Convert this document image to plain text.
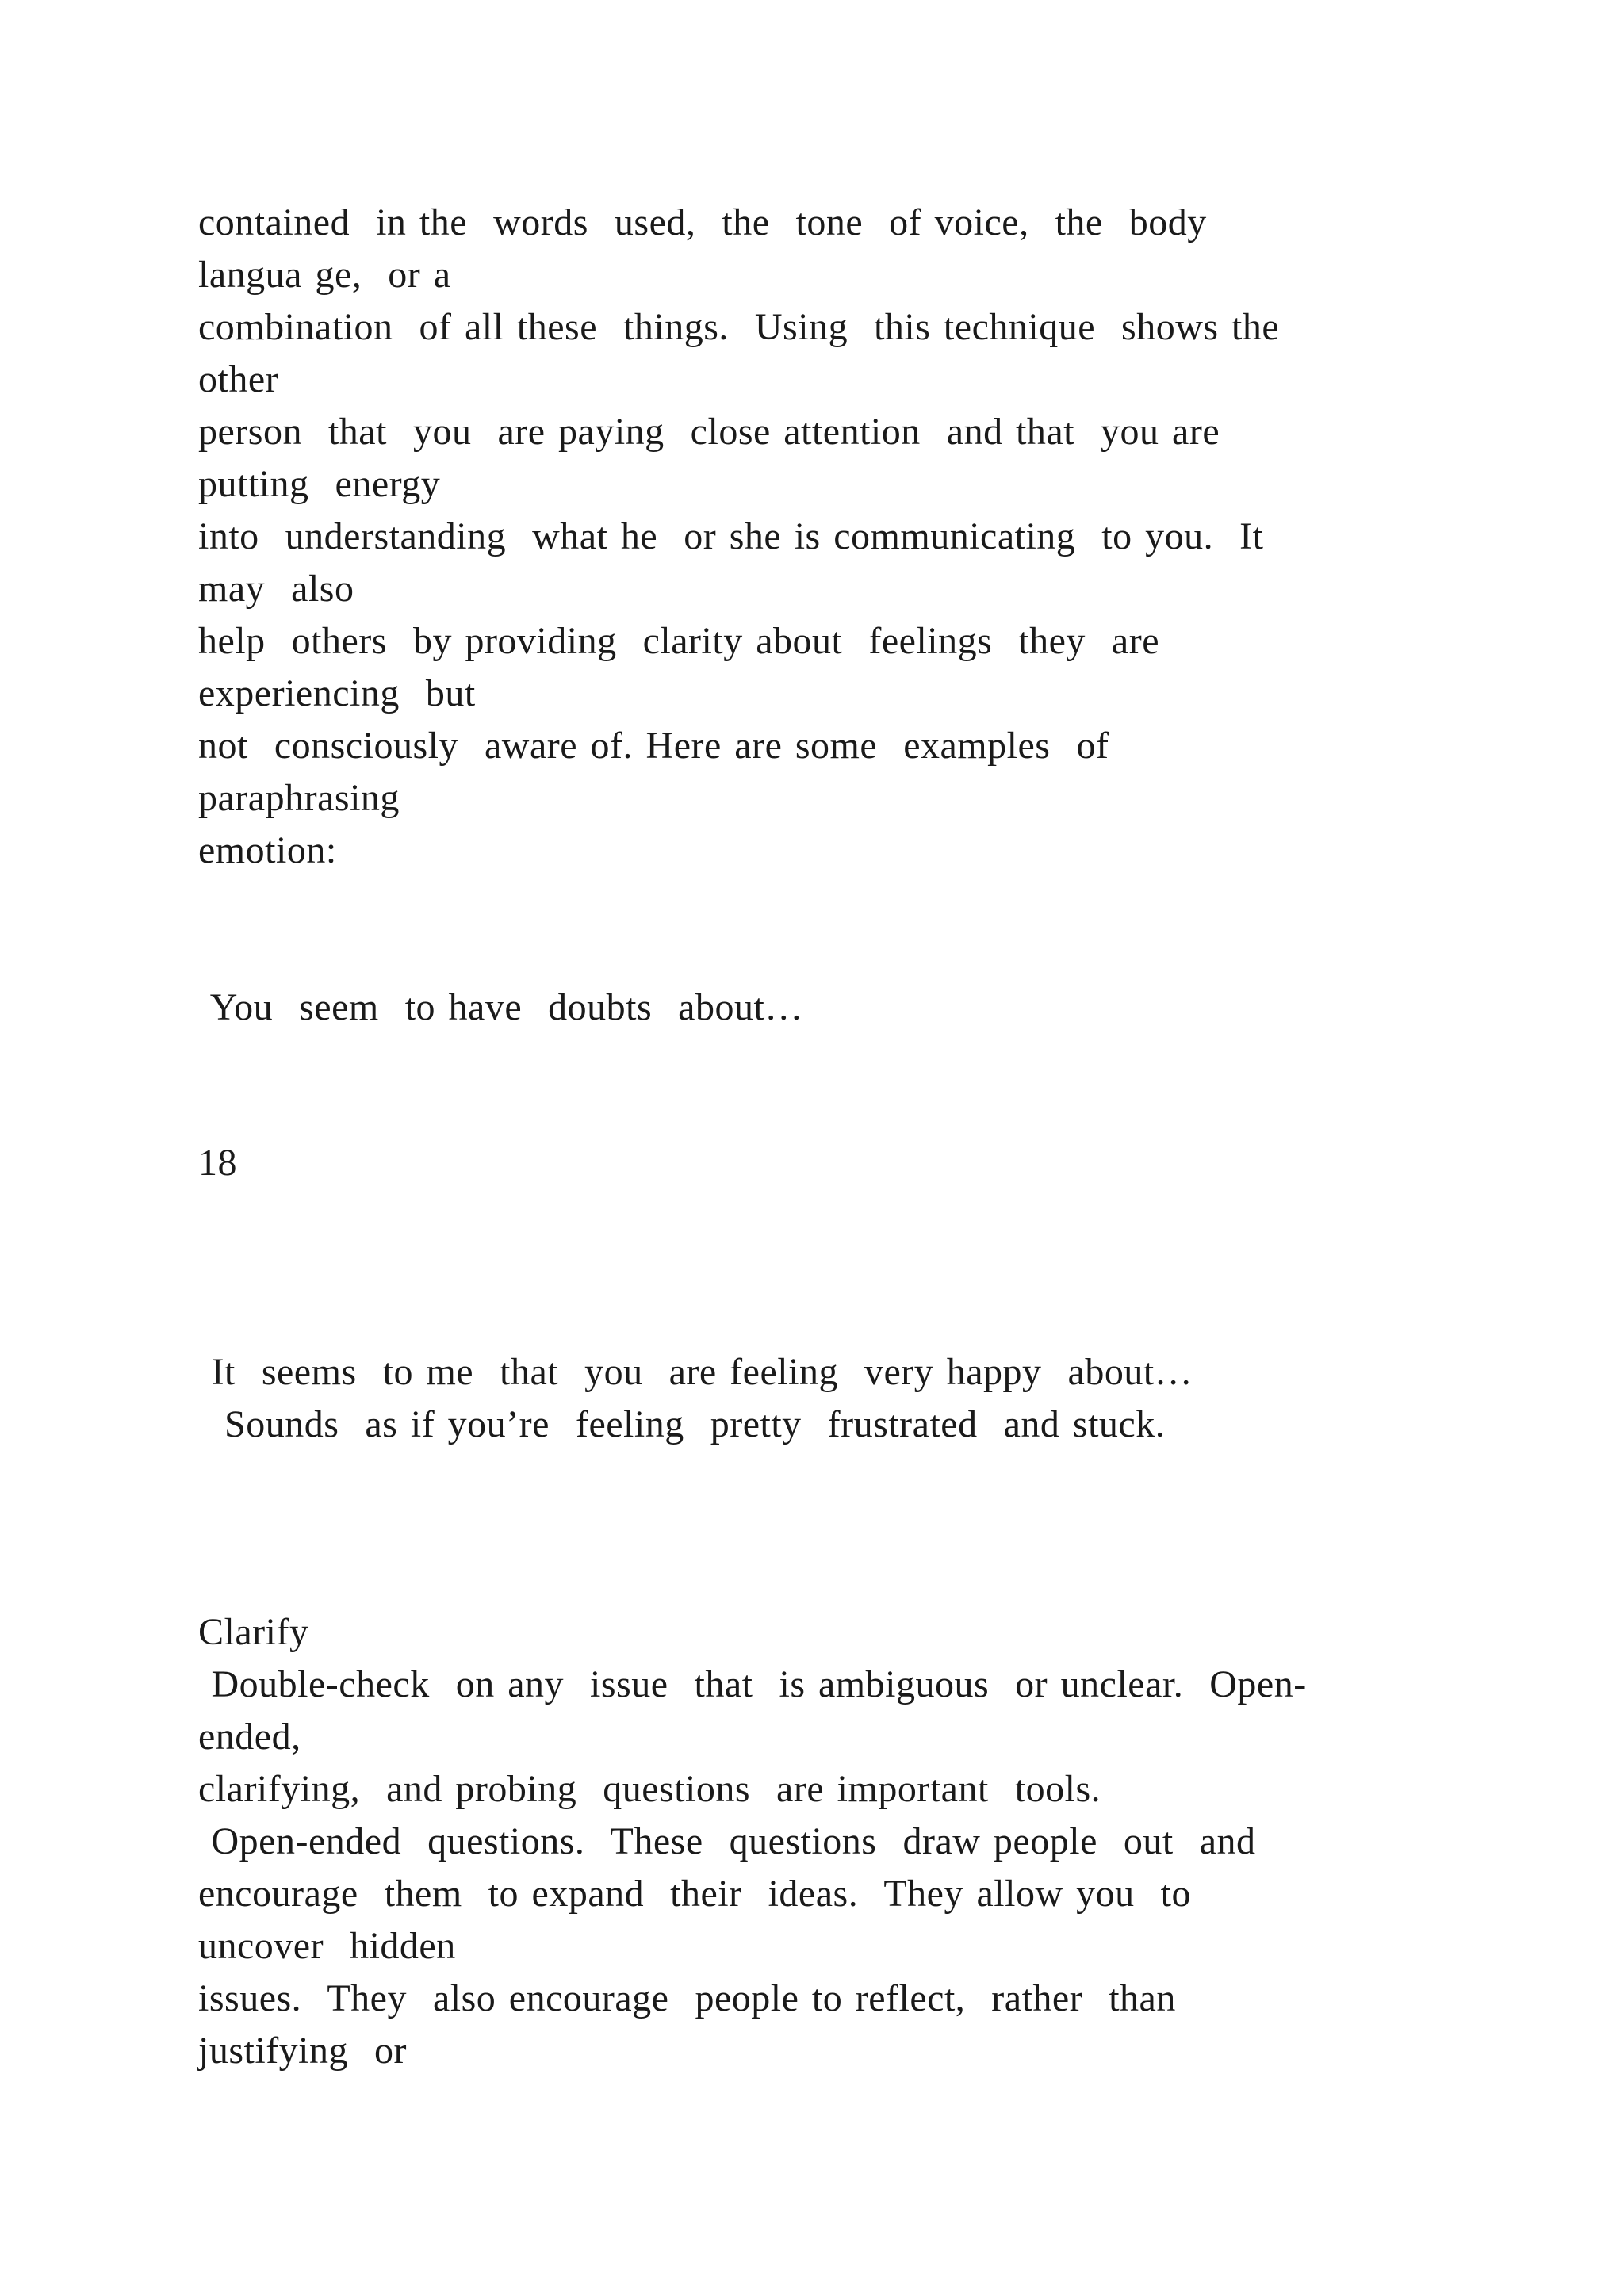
contained  in the  words  used,  the  tone  of voice,  the  body

langua ge,  or a

combination  of all these  things.  Using  this technique  shows the

other

person  that  you  are paying  close attention  and that  you are

putting  energy

into  understanding  what he  or she is communicating  to you.  It

may  also

help  others  by providing  clarity about  feelings  they  are

experiencing  but

not  consciously  aware of. Here are some  examples  of

paraphrasing

emotion:

You  seem  to have  doubts  about…

18

It  seems  to me  that  you  are feeling  very happy  about…

Sounds  as if you’re  feeling  pretty  frustrated  and stuck.

Clarify

Double-check  on any  issue  that  is ambiguous  or unclear.  Open-

ended,

clarifying,  and probing  questions  are important  tools.

Open-ended  questions.  These  questions  draw people  out  and

encourage  them  to expand  their  ideas.  They allow you  to

uncover  hidden

issues.  They  also encourage  people to reflect,  rather  than

justifying  or
